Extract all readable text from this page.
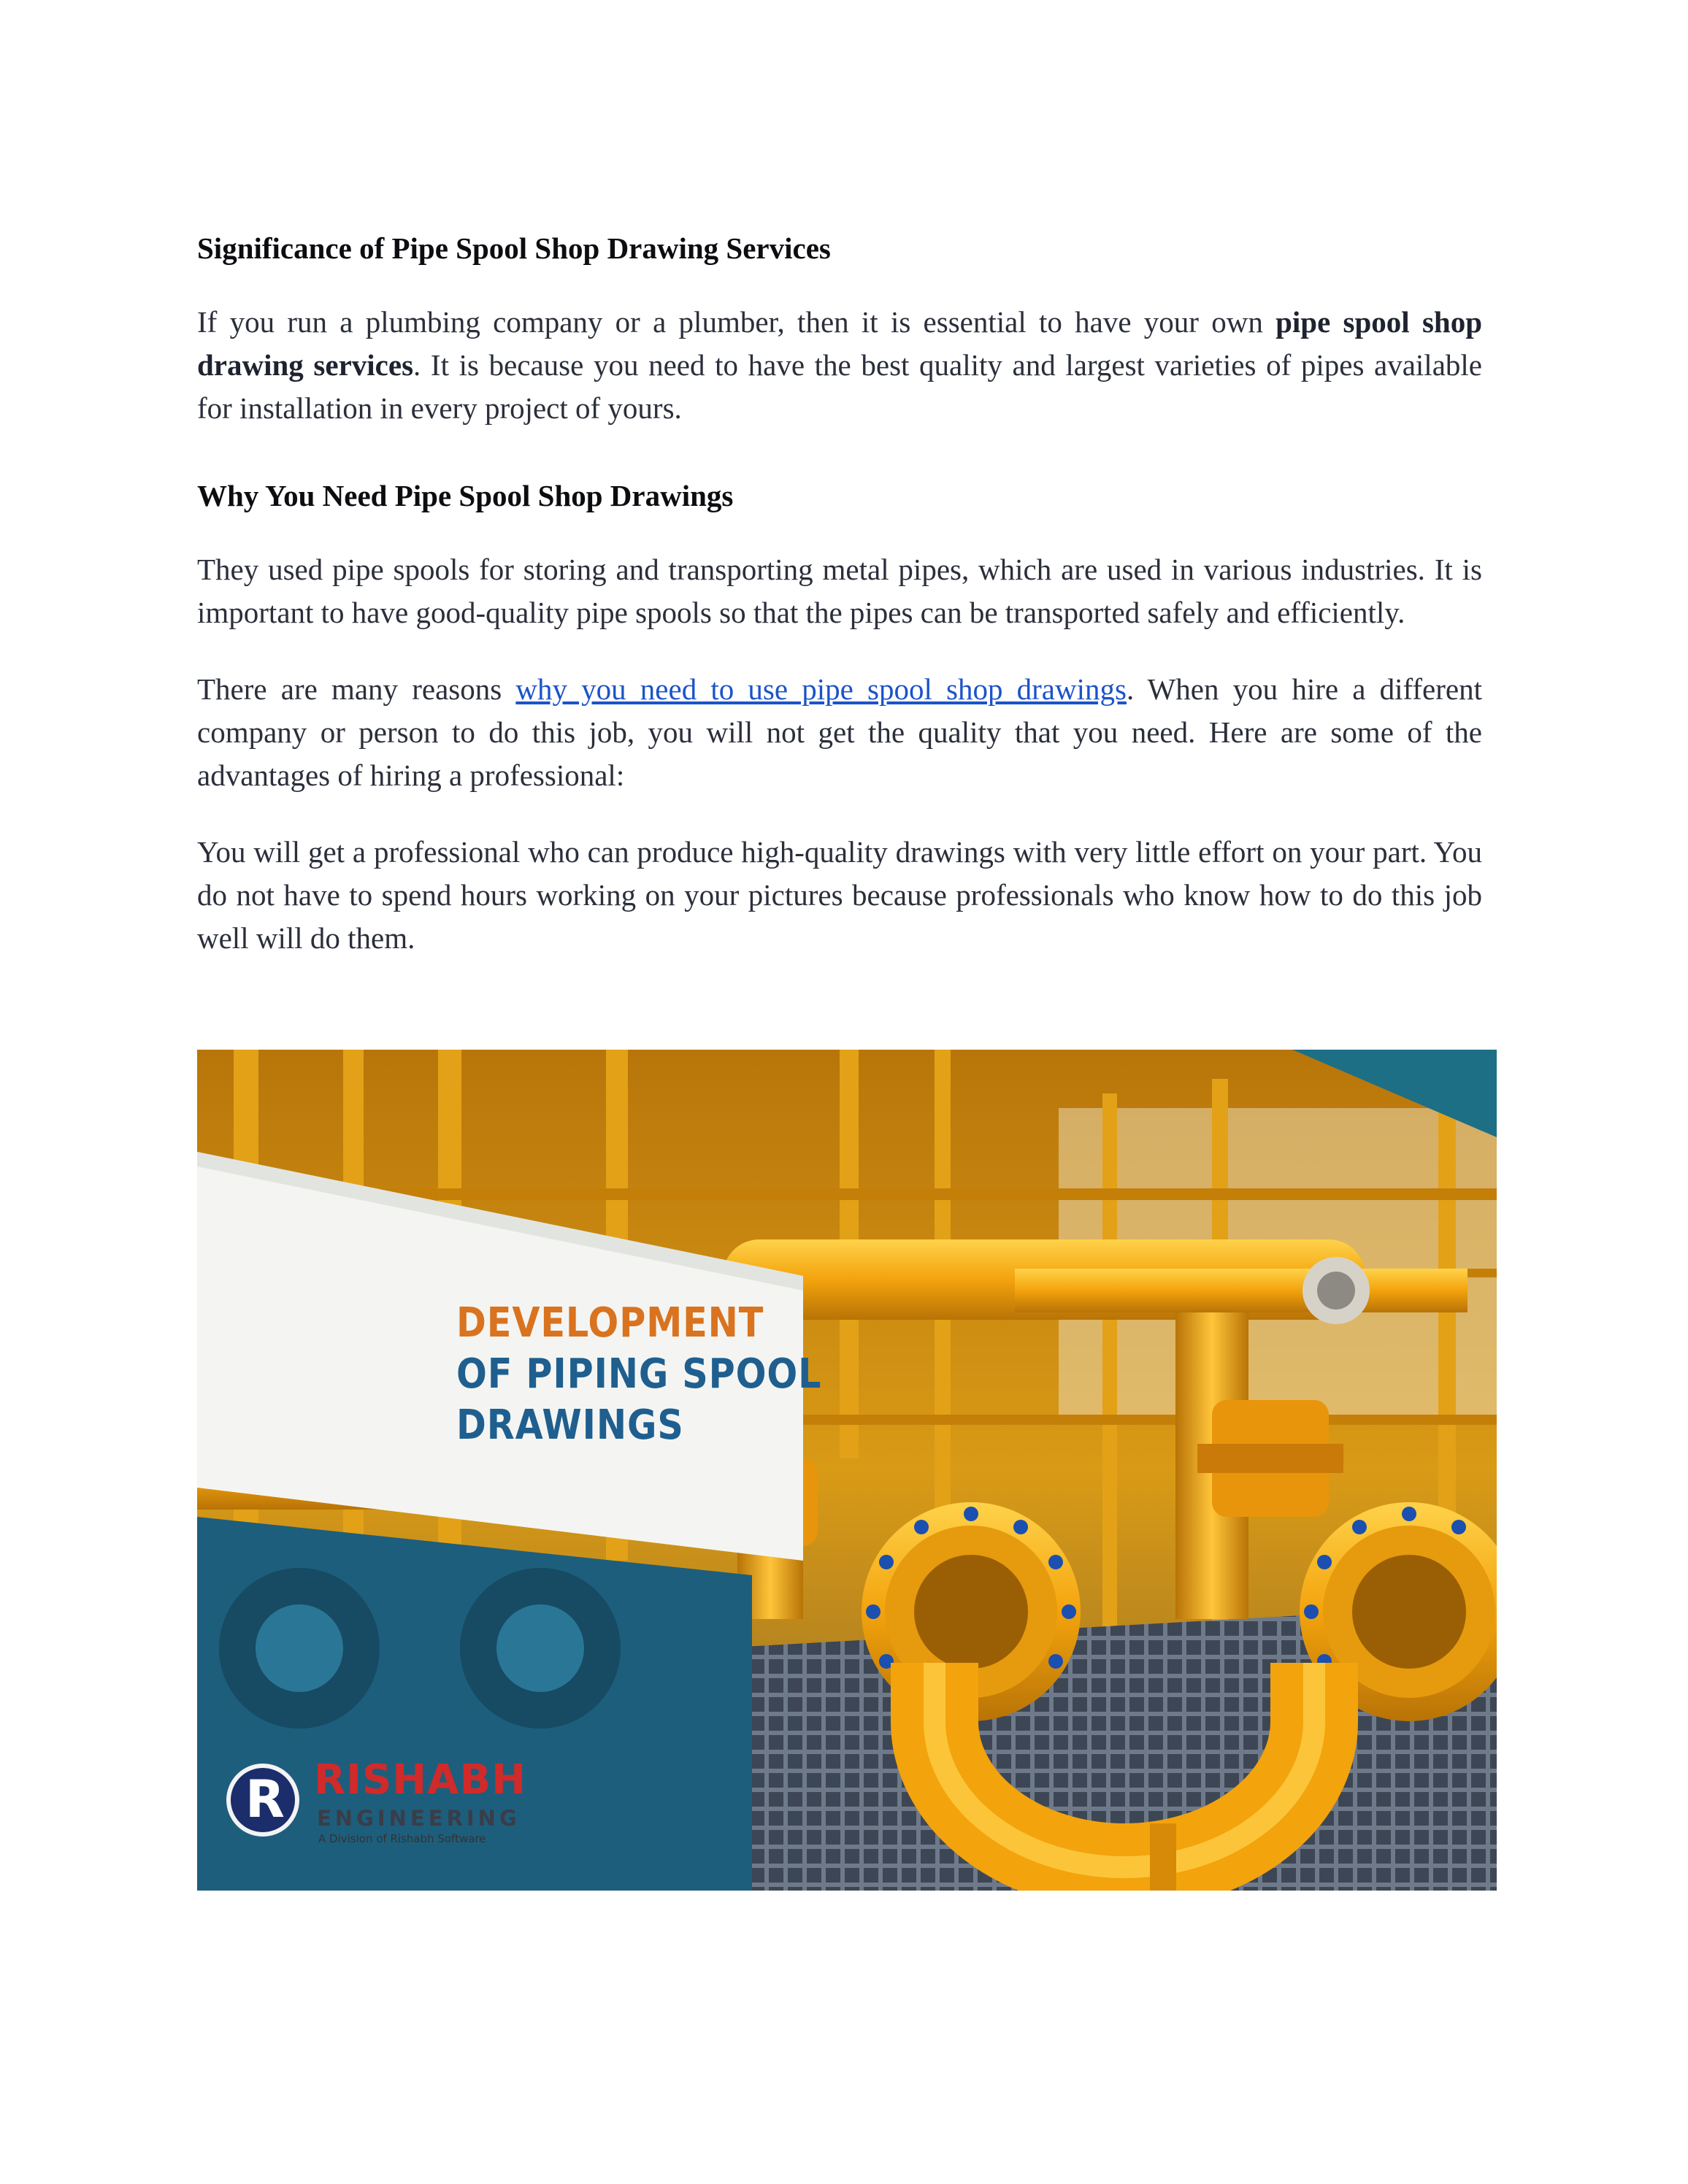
Significance of Pipe Spool Shop Drawing Services

If you run a plumbing company or a plumber, then it is essential to have your own pipe spool shop drawing services. It is because you need to have the best quality and largest varieties of pipes available for installation in every project of yours.

Why You Need Pipe Spool Shop Drawings

They used pipe spools for storing and transporting metal pipes, which are used in various industries. It is important to have good-quality pipe spools so that the pipes can be transported safely and efficiently.

There are many reasons why you need to use pipe spool shop drawings. When you hire a different company or person to do this job, you will not get the quality that you need. Here are some of the advantages of hiring a professional:

You will get a professional who can produce high-quality drawings with very little effort on your part. You do not have to spend hours working on your pictures because professionals who know how to do this job well will do them.

DEVELOPMENT
OF PIPING SPOOL
DRAWINGS
R RISHABH
ENGINEERING
A Division of Rishabh Software
